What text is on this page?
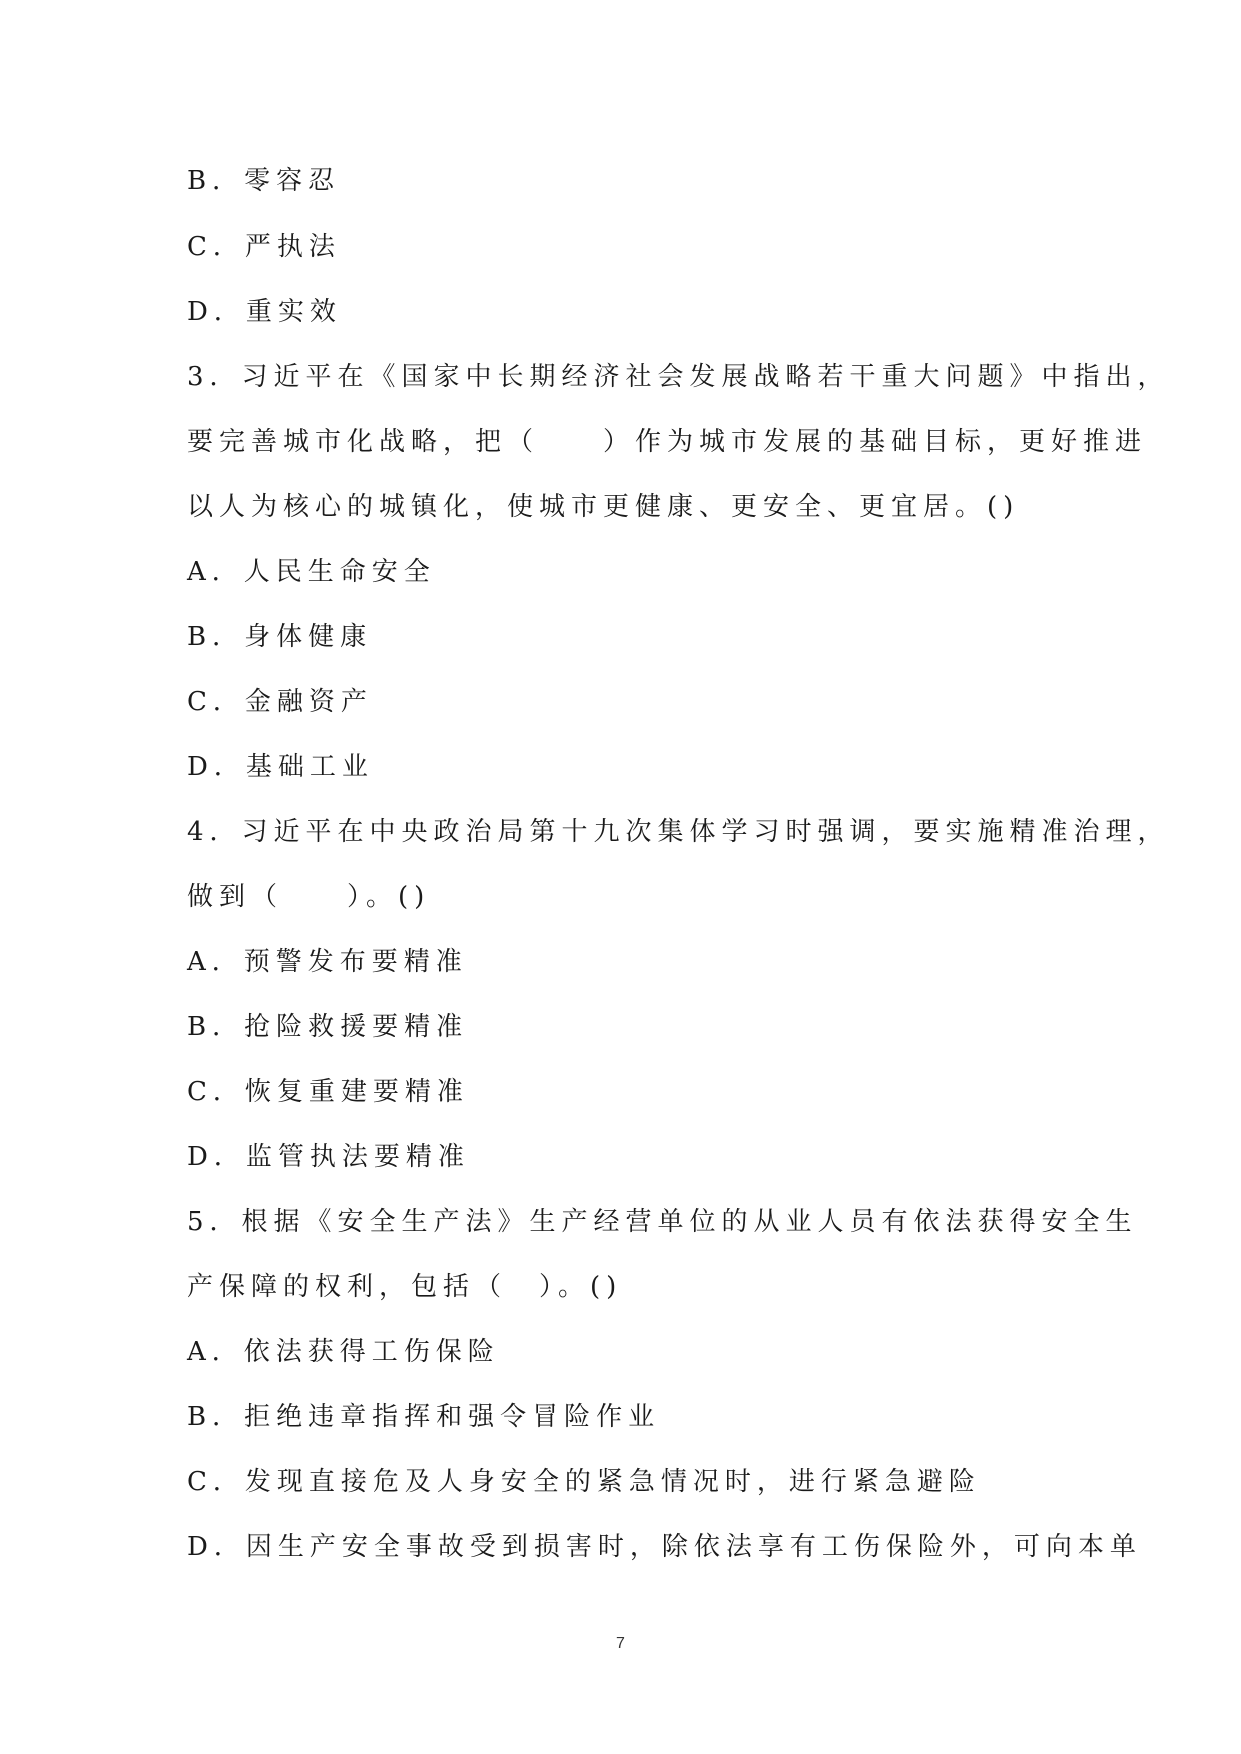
B．零容忍
C．严执法
D．重实效
3．习近平在《国家中长期经济社会发展战略若干重大问题》中指出，
要完善城市化战略，把（　　）作为城市发展的基础目标，更好推进
以人为核心的城镇化，使城市更健康、更安全、更宜居。()
A．人民生命安全
B．身体健康
C．金融资产
D．基础工业
4．习近平在中央政治局第十九次集体学习时强调，要实施精准治理，
做到（　　）。()
A．预警发布要精准
B．抢险救援要精准
C．恢复重建要精准
D．监管执法要精准
5．根据《安全生产法》生产经营单位的从业人员有依法获得安全生
产保障的权利，包括（　）。()
A．依法获得工伤保险
B．拒绝违章指挥和强令冒险作业
C．发现直接危及人身安全的紧急情况时，进行紧急避险
D．因生产安全事故受到损害时，除依法享有工伤保险外，可向本单
7
